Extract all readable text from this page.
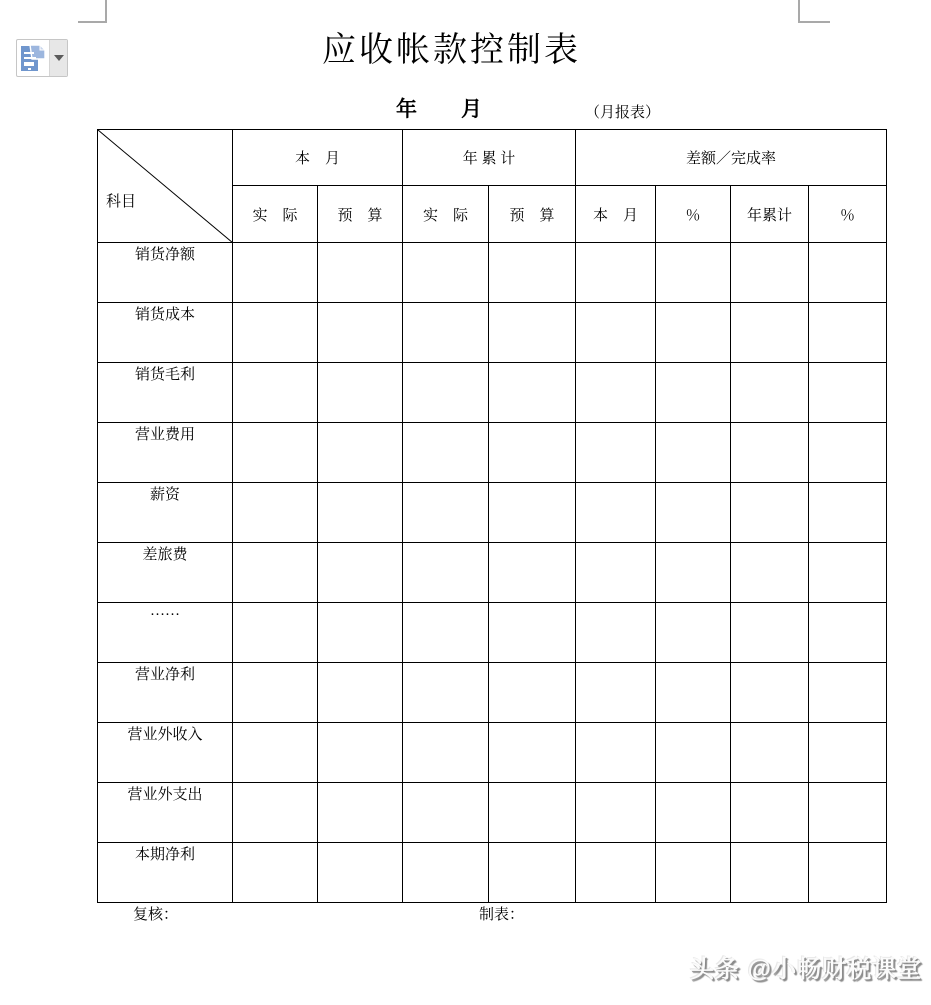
应收帐款控制表
年 月	（月报表）

科目	本　月		年 累 计		差额／完成率			
	实　际	预　算	实　际	预　算	本　月	％	年累计	％
销货净额								
销货成本								
销货毛利								
营业费用								
薪资								
差旅费								
……								
营业净利								
营业外收入								
营业外支出								
本期净利								
复核：	制表：
头条 @小畅财税课堂
